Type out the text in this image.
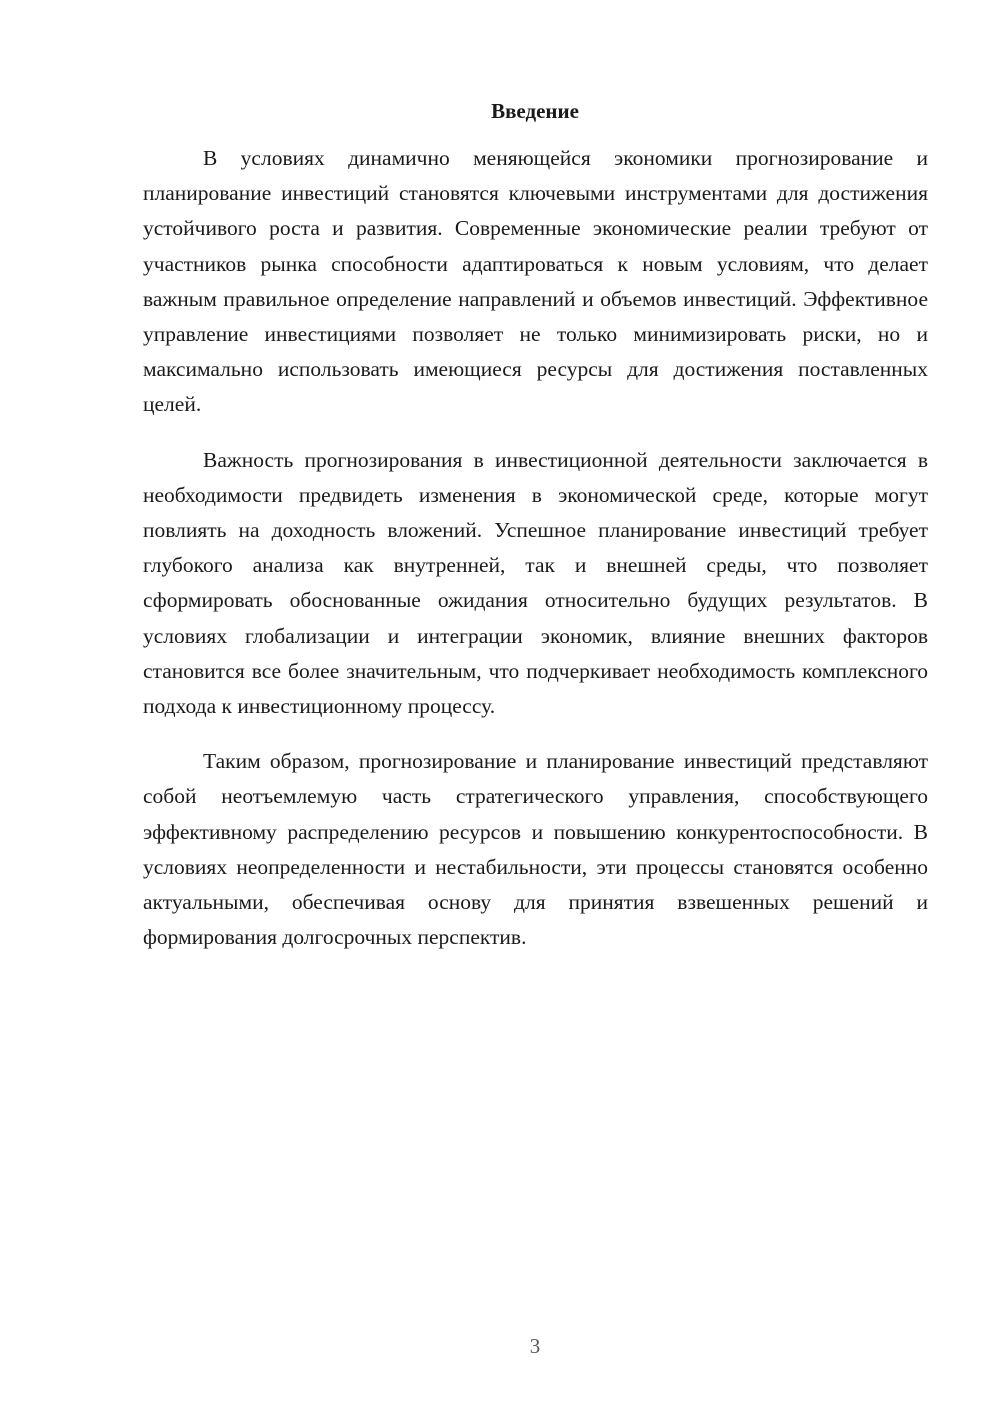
Введение

В условиях динамично меняющейся экономики прогнозирование и планирование инвестиций становятся ключевыми инструментами для достижения устойчивого роста и развития. Современные экономические реалии требуют от участников рынка способности адаптироваться к новым условиям, что делает важным правильное определение направлений и объемов инвестиций. Эффективное управление инвестициями позволяет не только минимизировать риски, но и максимально использовать имеющиеся ресурсы для достижения поставленных целей.

Важность прогнозирования в инвестиционной деятельности заключается в необходимости предвидеть изменения в экономической среде, которые могут повлиять на доходность вложений. Успешное планирование инвестиций требует глубокого анализа как внутренней, так и внешней среды, что позволяет сформировать обоснованные ожидания относительно будущих результатов. В условиях глобализации и интеграции экономик, влияние внешних факторов становится все более значительным, что подчеркивает необходимость комплексного подхода к инвестиционному процессу.

Таким образом, прогнозирование и планирование инвестиций представляют собой неотъемлемую часть стратегического управления, способствующего эффективному распределению ресурсов и повышению конкурентоспособности. В условиях неопределенности и нестабильности, эти процессы становятся особенно актуальными, обеспечивая основу для принятия взвешенных решений и формирования долгосрочных перспектив.

3
